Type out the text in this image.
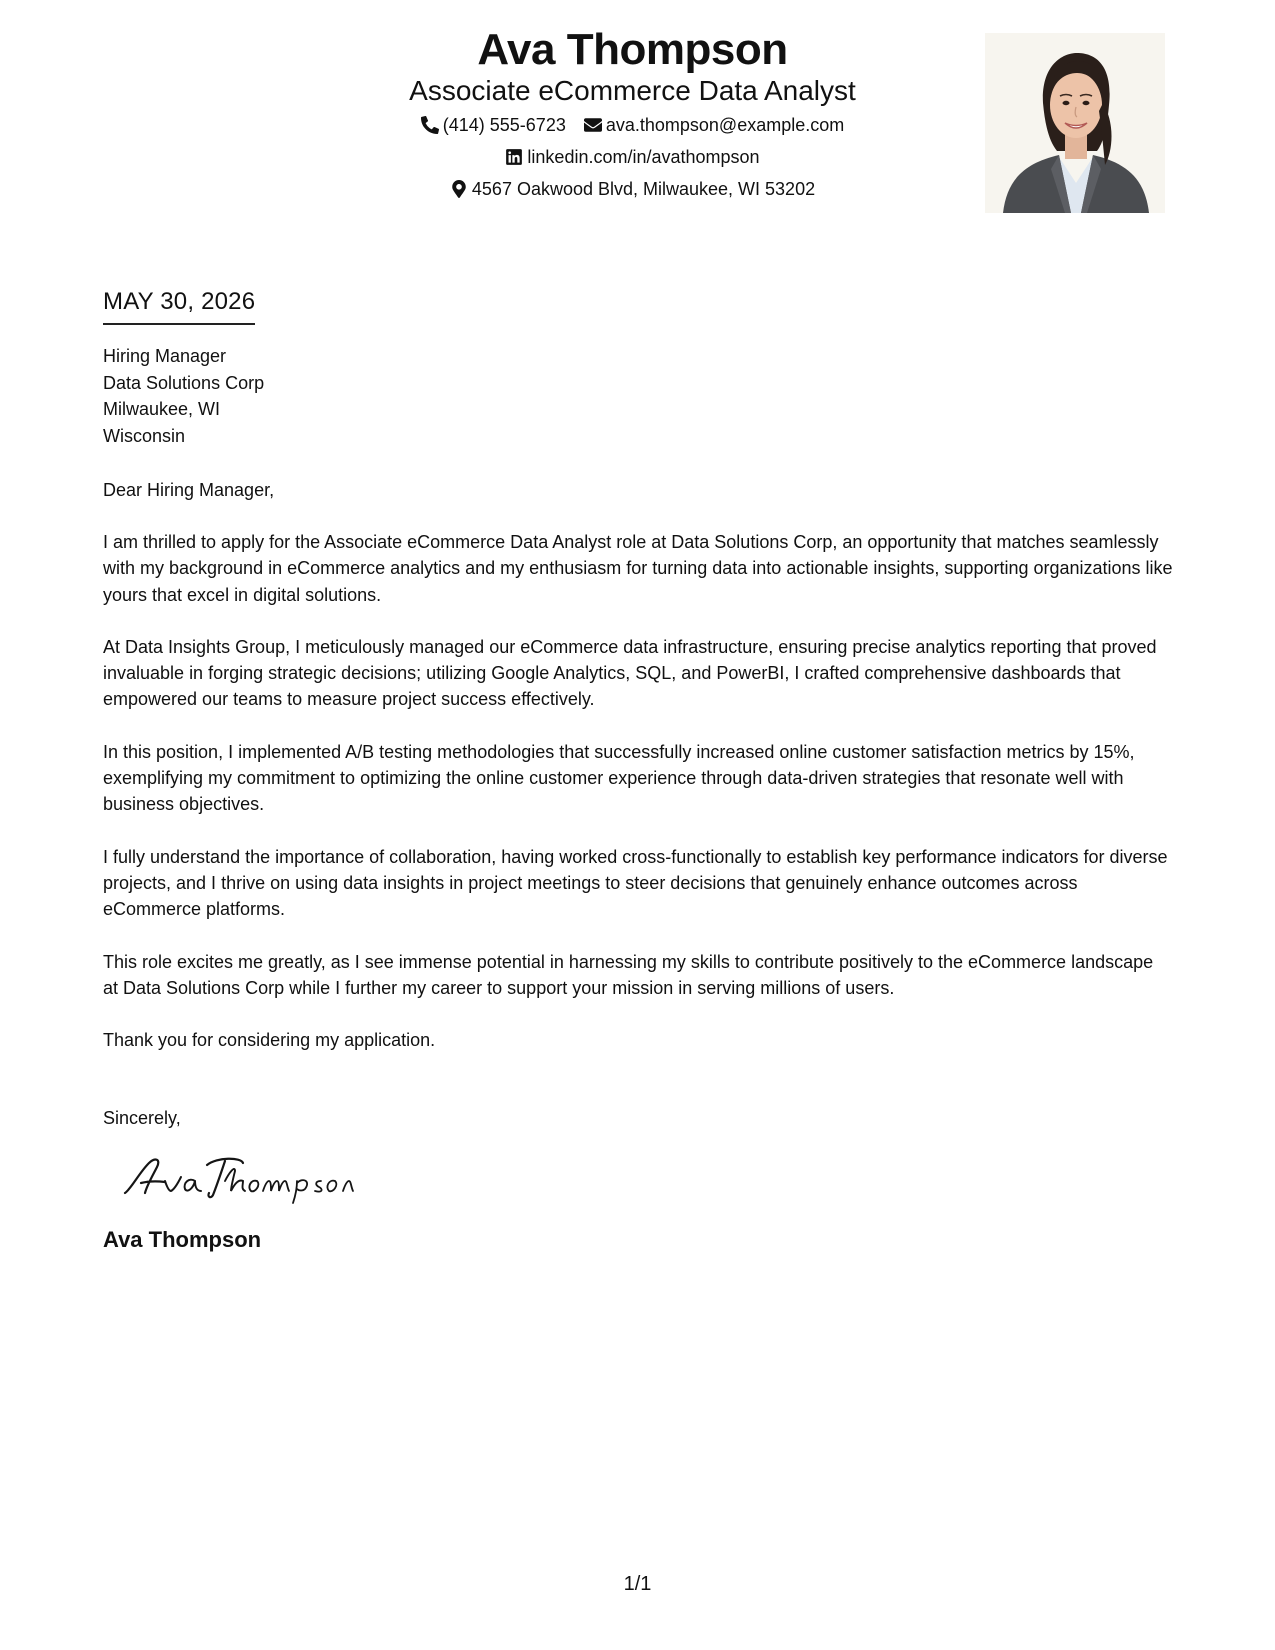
Ava Thompson
Associate eCommerce Data Analyst
(414) 555-6723 ava.thompson@example.com
linkedin.com/in/avathompson
4567 Oakwood Blvd, Milwaukee, WI 53202
MAY 30, 2026
Hiring Manager
Data Solutions Corp
Milwaukee, WI
Wisconsin
Dear Hiring Manager,
I am thrilled to apply for the Associate eCommerce Data Analyst role at Data Solutions Corp, an opportunity that matches seamlessly with my background in eCommerce analytics and my enthusiasm for turning data into actionable insights, supporting organizations like yours that excel in digital solutions.
At Data Insights Group, I meticulously managed our eCommerce data infrastructure, ensuring precise analytics reporting that proved invaluable in forging strategic decisions; utilizing Google Analytics, SQL, and PowerBI, I crafted comprehensive dashboards that empowered our teams to measure project success effectively.
In this position, I implemented A/B testing methodologies that successfully increased online customer satisfaction metrics by 15%, exemplifying my commitment to optimizing the online customer experience through data-driven strategies that resonate well with business objectives.
I fully understand the importance of collaboration, having worked cross-functionally to establish key performance indicators for diverse projects, and I thrive on using data insights in project meetings to steer decisions that genuinely enhance outcomes across eCommerce platforms.
This role excites me greatly, as I see immense potential in harnessing my skills to contribute positively to the eCommerce landscape at Data Solutions Corp while I further my career to support your mission in serving millions of users.
Thank you for considering my application.
Sincerely,
Ava Thompson
1/1
